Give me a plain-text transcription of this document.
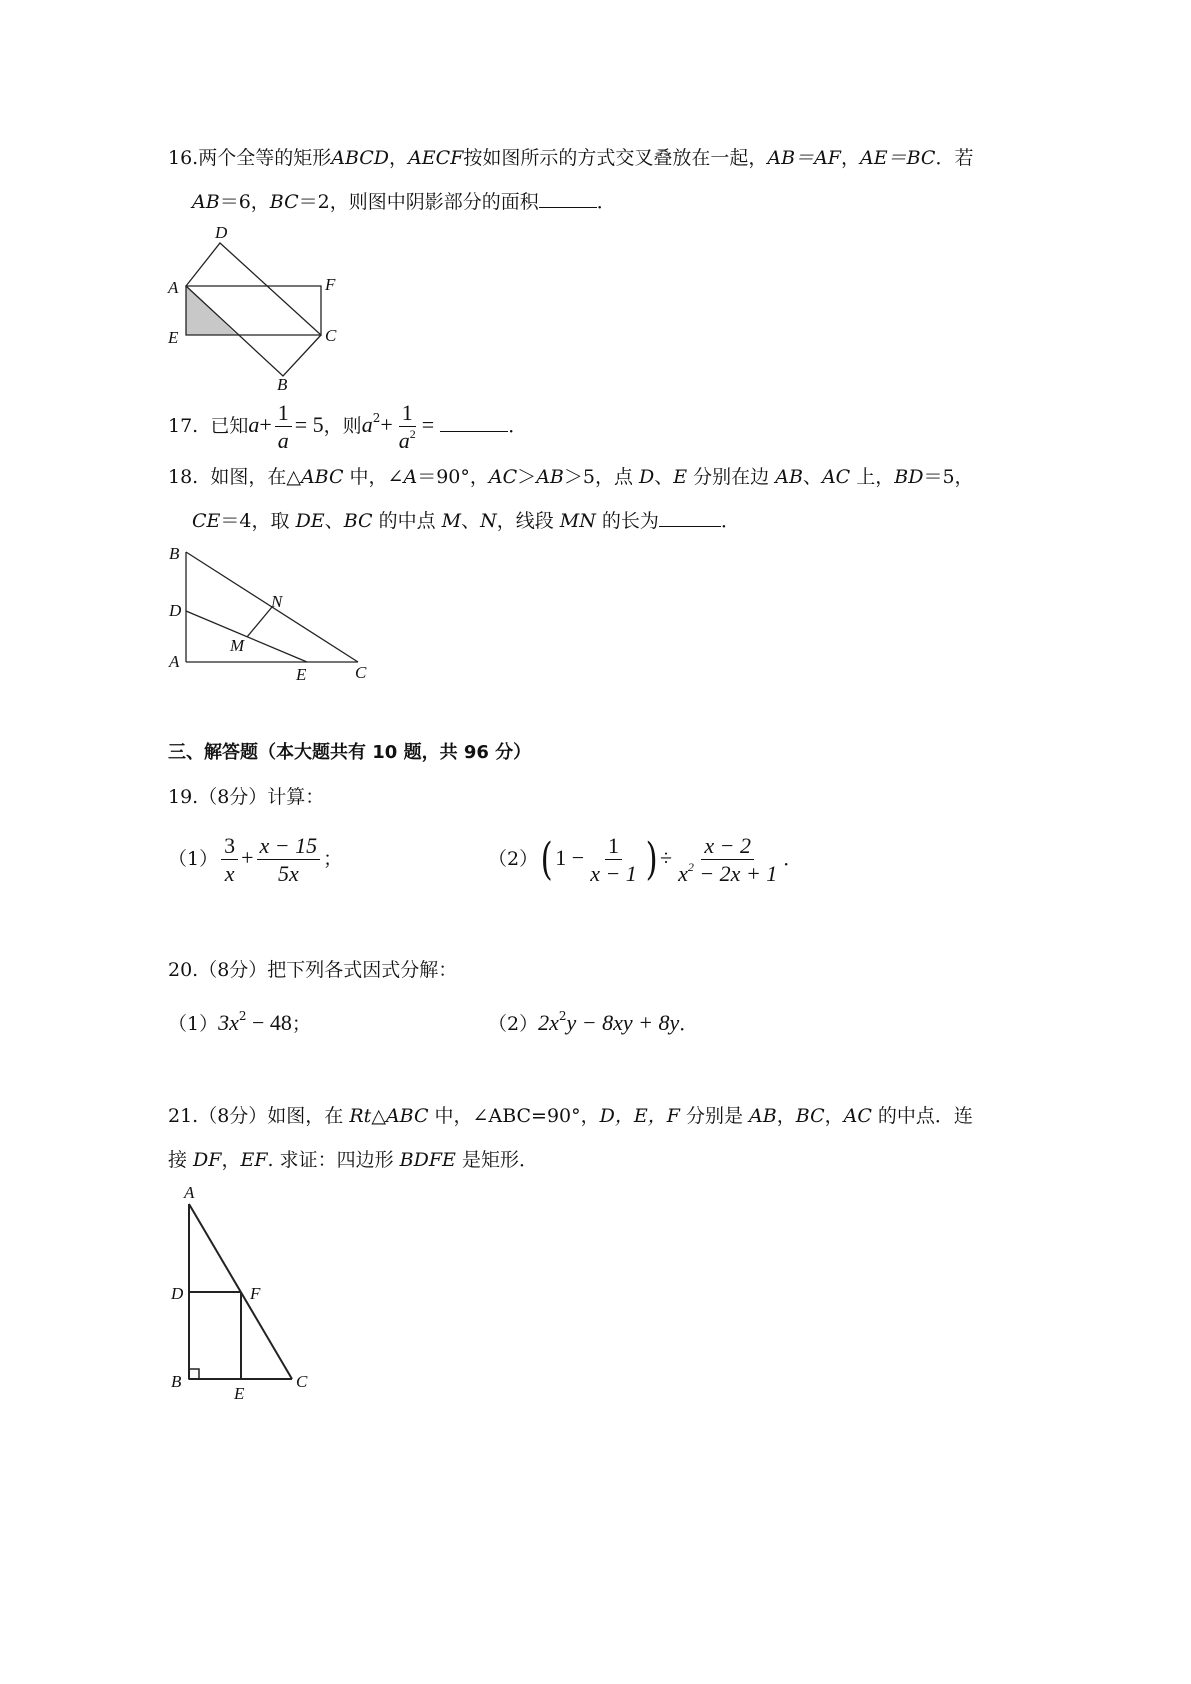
16.两个全等的矩形ABCD，AECF按如图所示的方式交叉叠放在一起，AB＝AF，AE＝BC．若
AB＝6，BC＝2，则图中阴影部分的面积	．
D
A	F
E	C
B
17. 已知$a+ \frac{1}{a} = 5$，则$a^2+ \frac{1}{a^2}$ =	．
18. 如图，在△ABC 中，∠A＝90°，AC＞AB＞5，点 D、E 分别在边 AB、AC 上，BD＝5，
CE＝4，取 DE、BC 的中点 M、N，线段 MN 的长为	．
B
D	N
M
A
E	C
三、解答题（本大题共有 10 题，共 96 分）
19.（8分）计算：
$(1) \frac{3}{x} + \frac{x - 15}{5x}$ ；	（2）( $1 - \frac{1}{x - 1}$ ) ÷ $\frac{x - 2}{x^2 - 2x + 1}$ ．
20.（8分）把下列各式因式分解：
$(1)3x^2 - 48$；	$(2)2x^2y - 8xy + 8y$．
21.（8分）如图，在 Rt△ABC 中，∠ABC=90°，D，E，F 分别是 AB，BC，AC 的中点．连
接 DF，EF. 求证：四边形 BDFE 是矩形．
A
D	F
B
E
C
